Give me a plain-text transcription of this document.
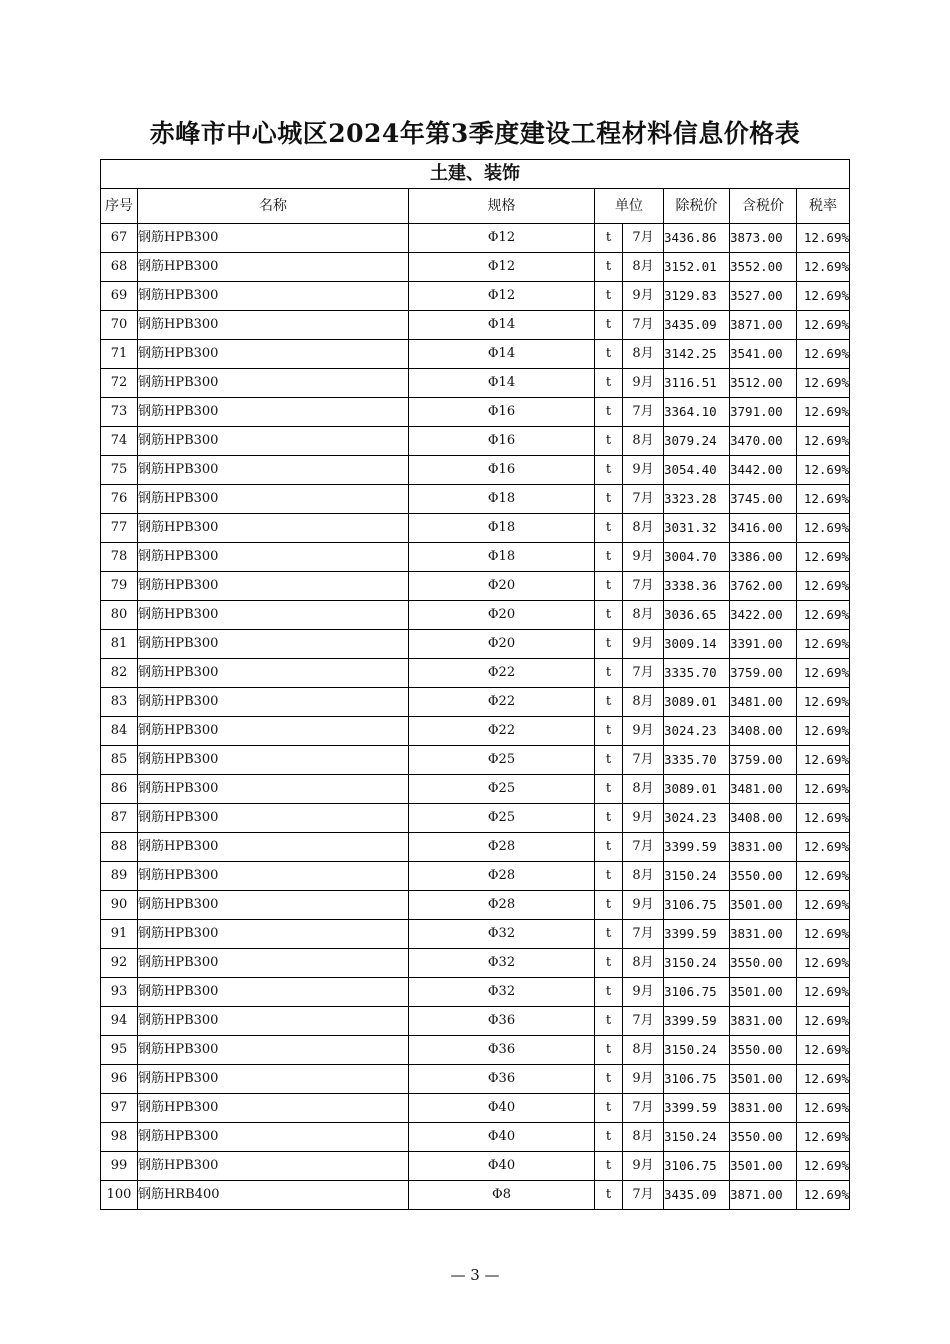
赤峰市中心城区2024年第3季度建设工程材料信息价格表
土建、装饰							
序号	名称	规格	单位		除税价	含税价	税率
67	钢筋HPB300	Φ12	t	7月	3436.86	3873.00	12.69%
68	钢筋HPB300	Φ12	t	8月	3152.01	3552.00	12.69%
69	钢筋HPB300	Φ12	t	9月	3129.83	3527.00	12.69%
70	钢筋HPB300	Φ14	t	7月	3435.09	3871.00	12.69%
71	钢筋HPB300	Φ14	t	8月	3142.25	3541.00	12.69%
72	钢筋HPB300	Φ14	t	9月	3116.51	3512.00	12.69%
73	钢筋HPB300	Φ16	t	7月	3364.10	3791.00	12.69%
74	钢筋HPB300	Φ16	t	8月	3079.24	3470.00	12.69%
75	钢筋HPB300	Φ16	t	9月	3054.40	3442.00	12.69%
76	钢筋HPB300	Φ18	t	7月	3323.28	3745.00	12.69%
77	钢筋HPB300	Φ18	t	8月	3031.32	3416.00	12.69%
78	钢筋HPB300	Φ18	t	9月	3004.70	3386.00	12.69%
79	钢筋HPB300	Φ20	t	7月	3338.36	3762.00	12.69%
80	钢筋HPB300	Φ20	t	8月	3036.65	3422.00	12.69%
81	钢筋HPB300	Φ20	t	9月	3009.14	3391.00	12.69%
82	钢筋HPB300	Φ22	t	7月	3335.70	3759.00	12.69%
83	钢筋HPB300	Φ22	t	8月	3089.01	3481.00	12.69%
84	钢筋HPB300	Φ22	t	9月	3024.23	3408.00	12.69%
85	钢筋HPB300	Φ25	t	7月	3335.70	3759.00	12.69%
86	钢筋HPB300	Φ25	t	8月	3089.01	3481.00	12.69%
87	钢筋HPB300	Φ25	t	9月	3024.23	3408.00	12.69%
88	钢筋HPB300	Φ28	t	7月	3399.59	3831.00	12.69%
89	钢筋HPB300	Φ28	t	8月	3150.24	3550.00	12.69%
90	钢筋HPB300	Φ28	t	9月	3106.75	3501.00	12.69%
91	钢筋HPB300	Φ32	t	7月	3399.59	3831.00	12.69%
92	钢筋HPB300	Φ32	t	8月	3150.24	3550.00	12.69%
93	钢筋HPB300	Φ32	t	9月	3106.75	3501.00	12.69%
94	钢筋HPB300	Φ36	t	7月	3399.59	3831.00	12.69%
95	钢筋HPB300	Φ36	t	8月	3150.24	3550.00	12.69%
96	钢筋HPB300	Φ36	t	9月	3106.75	3501.00	12.69%
97	钢筋HPB300	Φ40	t	7月	3399.59	3831.00	12.69%
98	钢筋HPB300	Φ40	t	8月	3150.24	3550.00	12.69%
99	钢筋HPB300	Φ40	t	9月	3106.75	3501.00	12.69%
100	钢筋HRB400	Φ8	t	7月	3435.09	3871.00	12.69%
— 3 —
